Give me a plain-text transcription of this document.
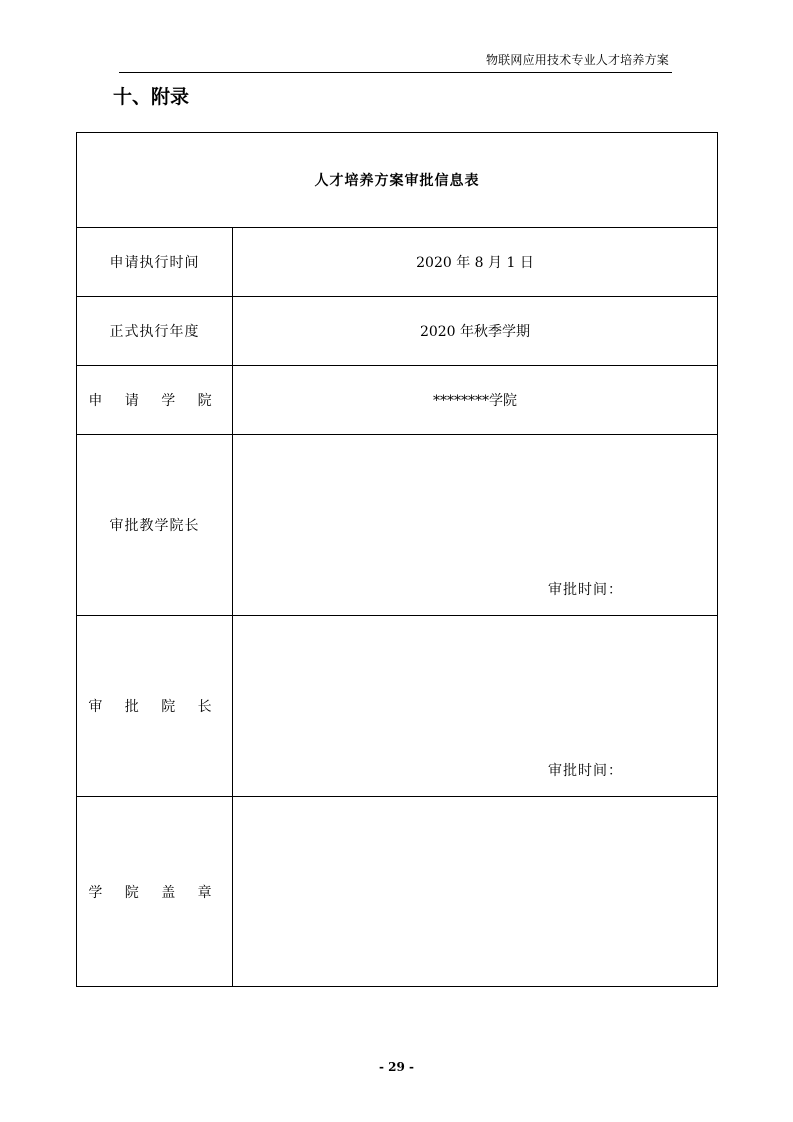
物联网应用技术专业人才培养方案
十、附录
人才培养方案审批信息表	
申请执行时间	2020 年 8 月 1 日
正式执行年度	2020 年秋季学期
申 请 学 院	********学院
审批教学院长	审批时间：

审 批 院 长	审批时间：

学 院 盖 章	
- 29 -
